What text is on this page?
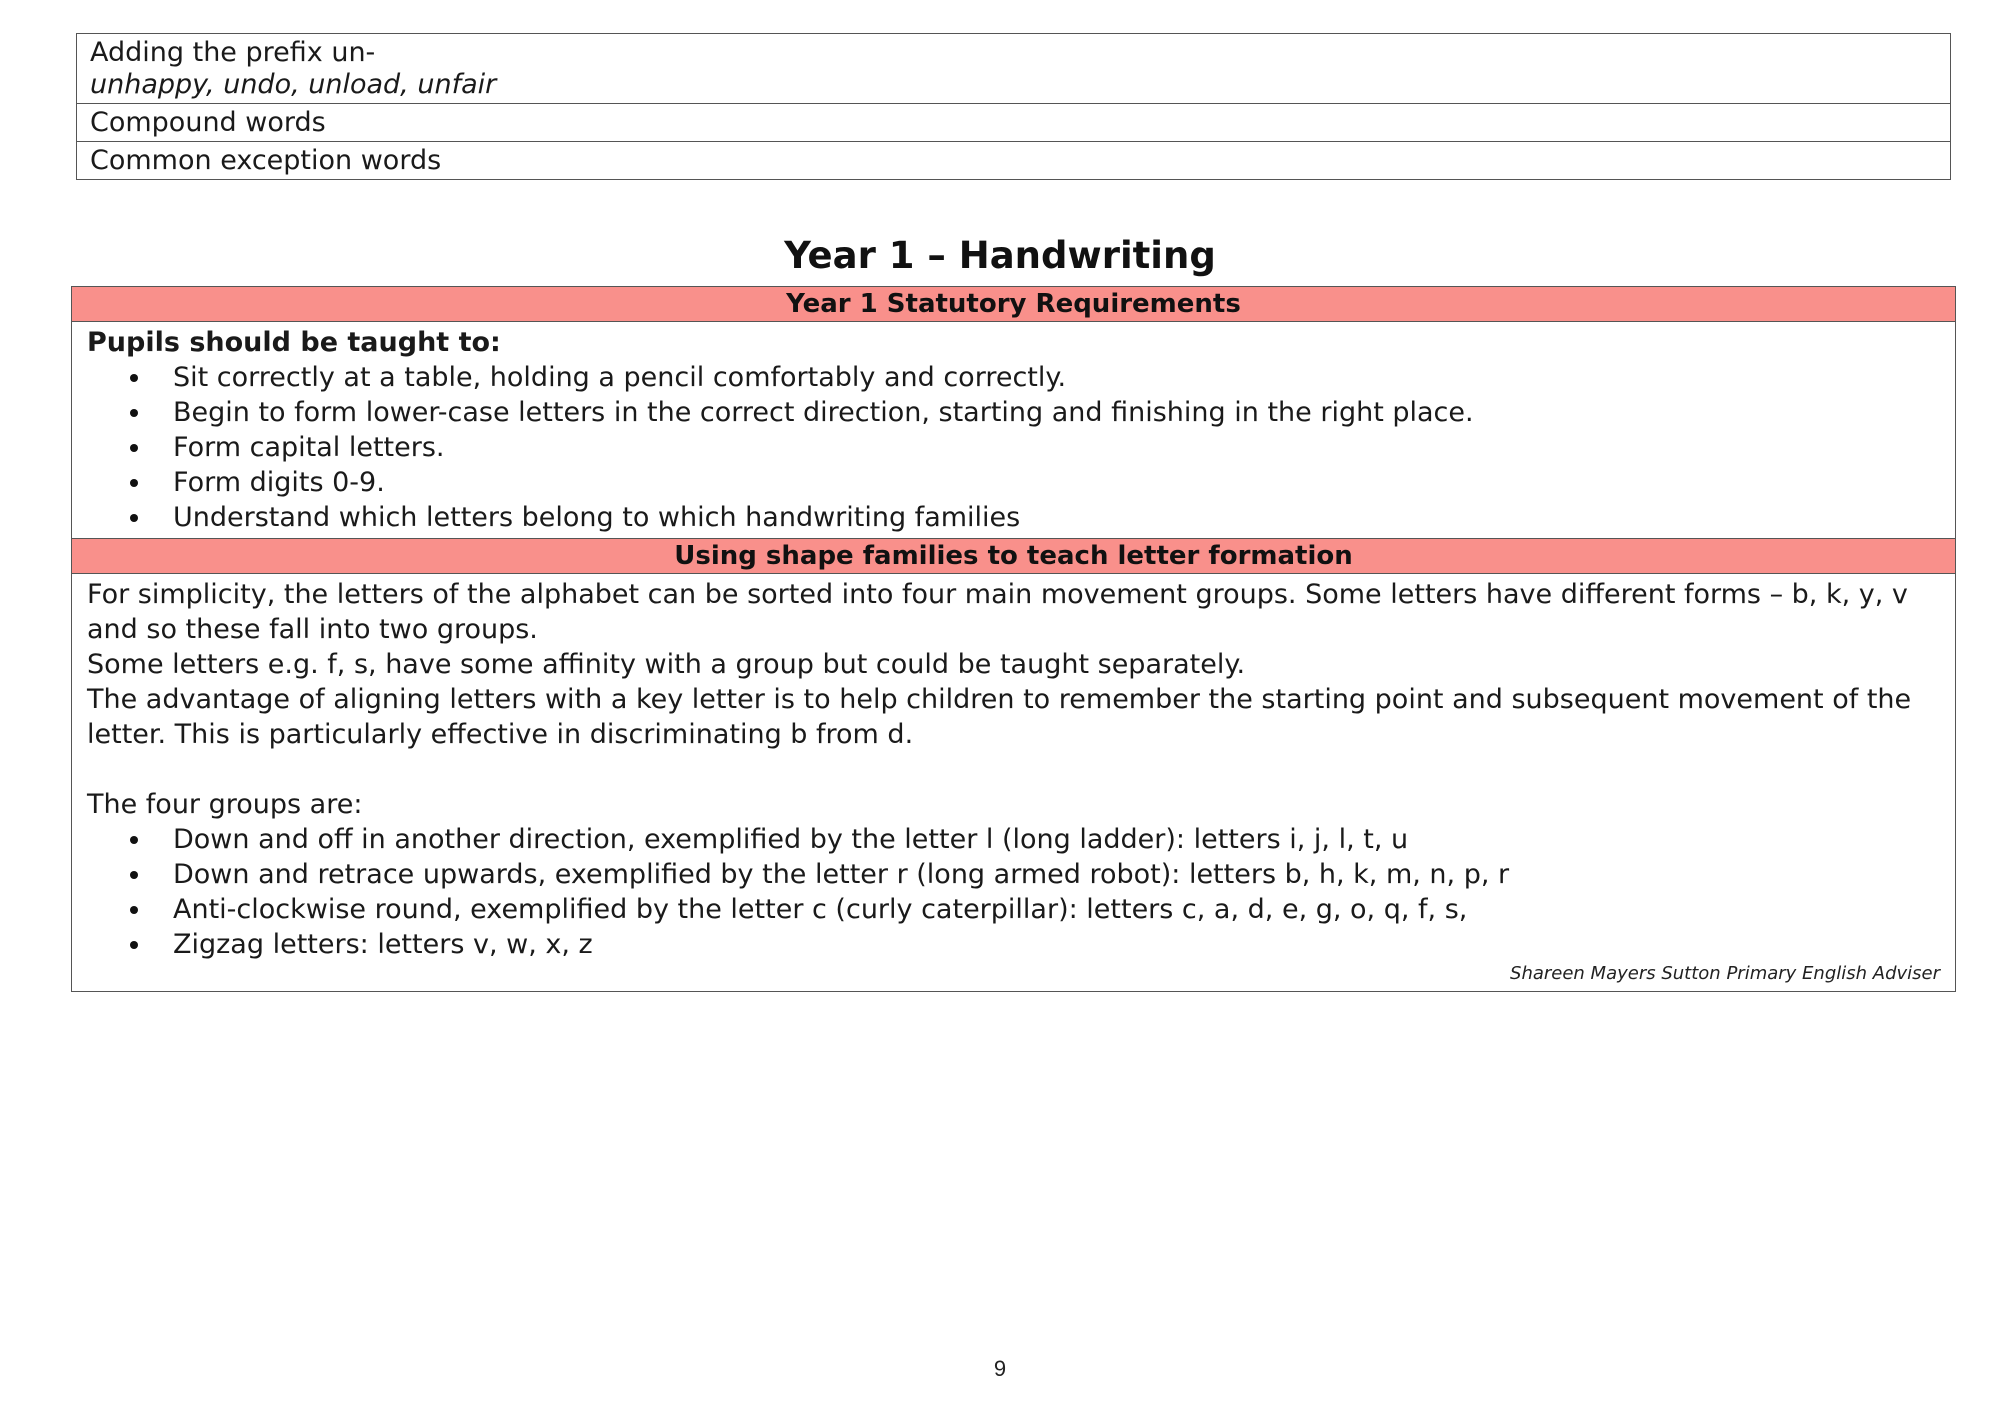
Adding the prefix un-
unhappy, undo, unload, unfair

Compound words
Common exception words
Year 1 – Handwriting
Year 1 Statutory Requirements

Pupils should be taught to:
Sit correctly at a table, holding a pencil comfortably and correctly.
Begin to form lower-case letters in the correct direction, starting and finishing in the right place.
Form capital letters.
Form digits 0-9.
Understand which letters belong to which handwriting families

Using shape families to teach letter formation

For simplicity, the letters of the alphabet can be sorted into four main movement groups. Some letters have different forms – b, k, y, v and so these fall into two groups.
Some letters e.g. f, s, have some affinity with a group but could be taught separately.
The advantage of aligning letters with a key letter is to help children to remember the starting point and subsequent movement of the letter. This is particularly effective in discriminating b from d.
The four groups are:
Down and off in another direction, exemplified by the letter l (long ladder): letters i, j, l, t, u
Down and retrace upwards, exemplified by the letter r (long armed robot): letters b, h, k, m, n, p, r
Anti-clockwise round, exemplified by the letter c (curly caterpillar): letters c, a, d, e, g, o, q, f, s,
Zigzag letters: letters v, w, x, z
Shareen Mayers Sutton Primary English Adviser
9
